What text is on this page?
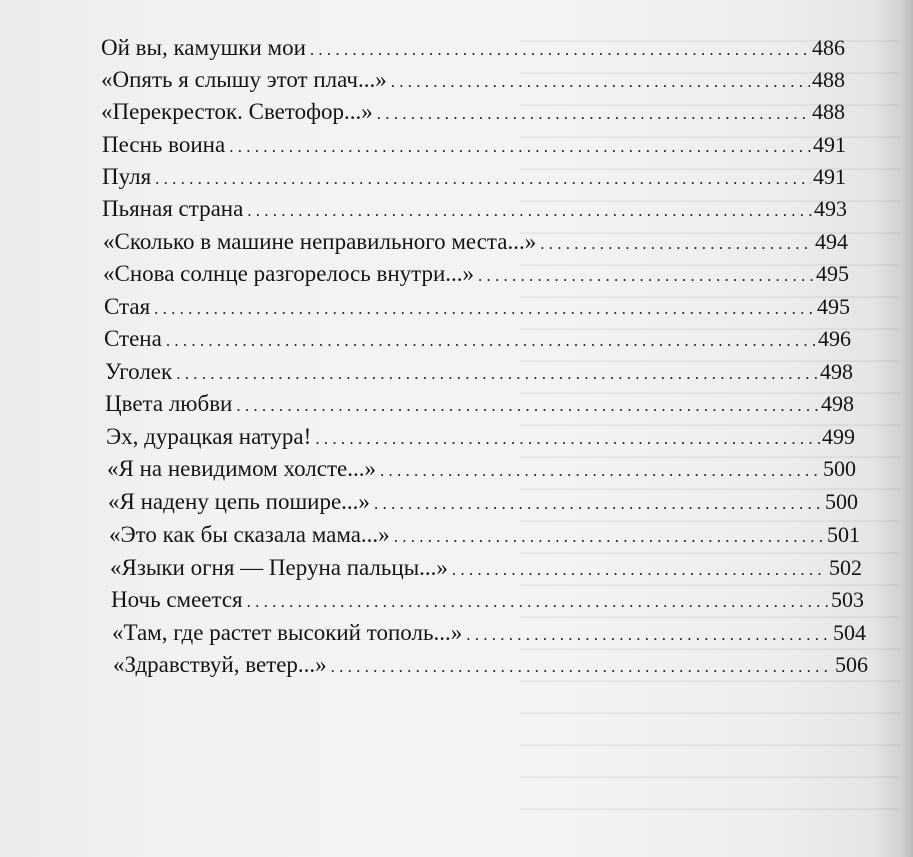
Ой вы, камушки мои . . .	486
«Опять я слышу этот плач...» . . .	488
«Перекресток. Светофор...» . . .	488
Песнь воина . . .	491
Пуля . . .	491
Пьяная страна . . .	493
«Сколько в машине неправильного места...» . . .	494
«Снова солнце разгорелось внутри...» . . .	495
Стая . . .	495
Стена . . .	496
Уголек . . .	498
Цвета любви . . .	498
Эх, дурацкая натура! . . .	499
«Я на невидимом холсте...» . . .	500
«Я надену цепь пошире...» . . .	500
«Это как бы сказала мама...» . . .	501
«Языки огня — Перуна пальцы...» . . .	502
Ночь смеется . . .	503
«Там, где растет высокий тополь...» . . .	504
«Здравствуй, ветер...» . . .	506
